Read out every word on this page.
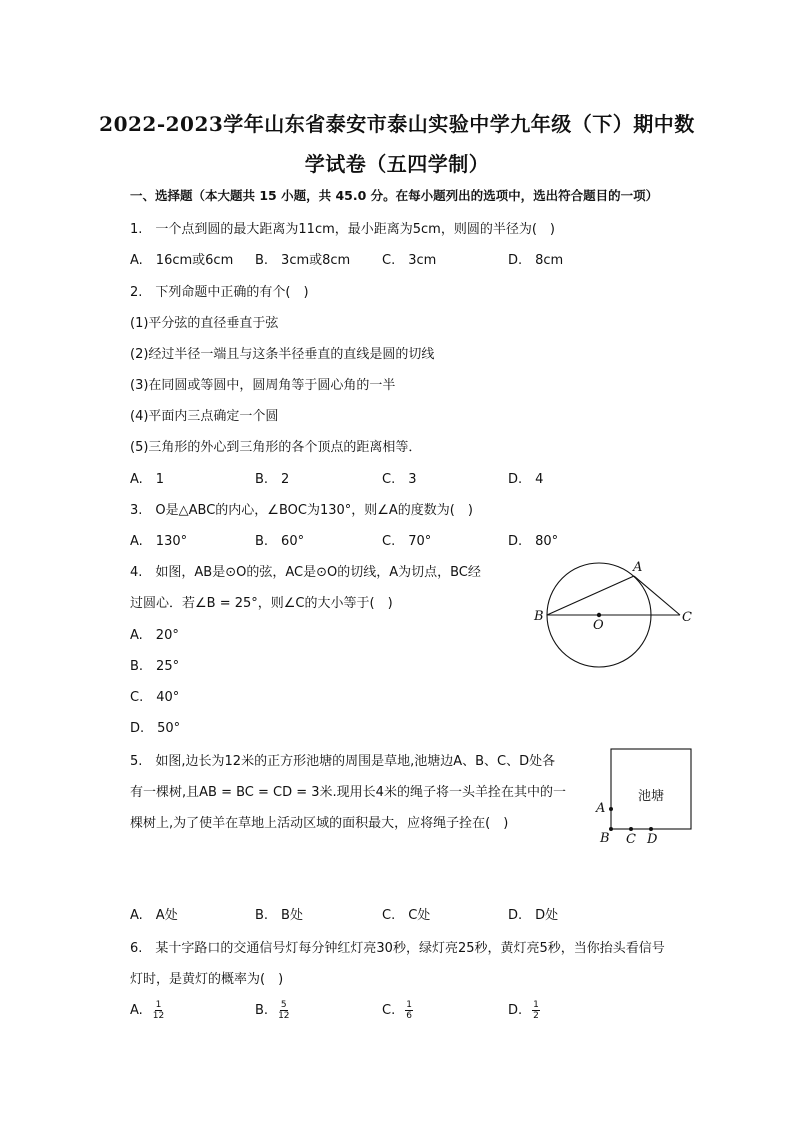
2022-2023学年山东省泰安市泰山实验中学九年级（下）期中数
学试卷（五四学制）
一、选择题（本大题共 15 小题，共 45.0 分。在每小题列出的选项中，选出符合题目的一项）
1.　一个点到圆的最大距离为11cm，最小距离为5cm，则圆的半径为(　)
A.　16cm或6cm B.　3cm或8cm C.　3cm	D.　8cm
2.　下列命题中正确的有个(　)
(1)平分弦的直径垂直于弦
(2)经过半径一端且与这条半径垂直的直线是圆的切线
(3)在同圆或等圆中，圆周角等于圆心角的一半
(4)平面内三点确定一个圆
(5)三角形的外心到三角形的各个顶点的距离相等．
A.　1	B.　2	C.　3	D.　4
3.　O是△ABC的内心，∠BOC为130°，则∠A的度数为(　)
A.　130°	B.　60°	C.　70°	D.　80°
4.　如图，AB是⊙O的弦，AC是⊙O的切线，A为切点，BC经
过圆心．若∠B = 25°，则∠C的大小等于(　)
A.　20°
B.　25°
C.　40°
D.　50°
A
B
O
C
5.　如图,边长为12米的正方形池塘的周围是草地,池塘边A、B、C、D处各
有一棵树,且AB = BC = CD = 3米.现用长4米的绳子将一头羊拴在其中的一
棵树上,为了使羊在草地上活动区域的面积最大，应将绳子拴在(　)
池塘
A
B C D
A.　A处	B.　B处	C.　C处	D.　D处
6.　某十字路口的交通信号灯每分钟红灯亮30秒，绿灯亮25秒，黄灯亮5秒，当你抬头看信号
灯时，是黄灯的概率为(　)
A. $\frac{1}{12}$	B. $\frac{5}{12}$	C. $\frac{1}{6}$	D. $\frac{1}{2}$
